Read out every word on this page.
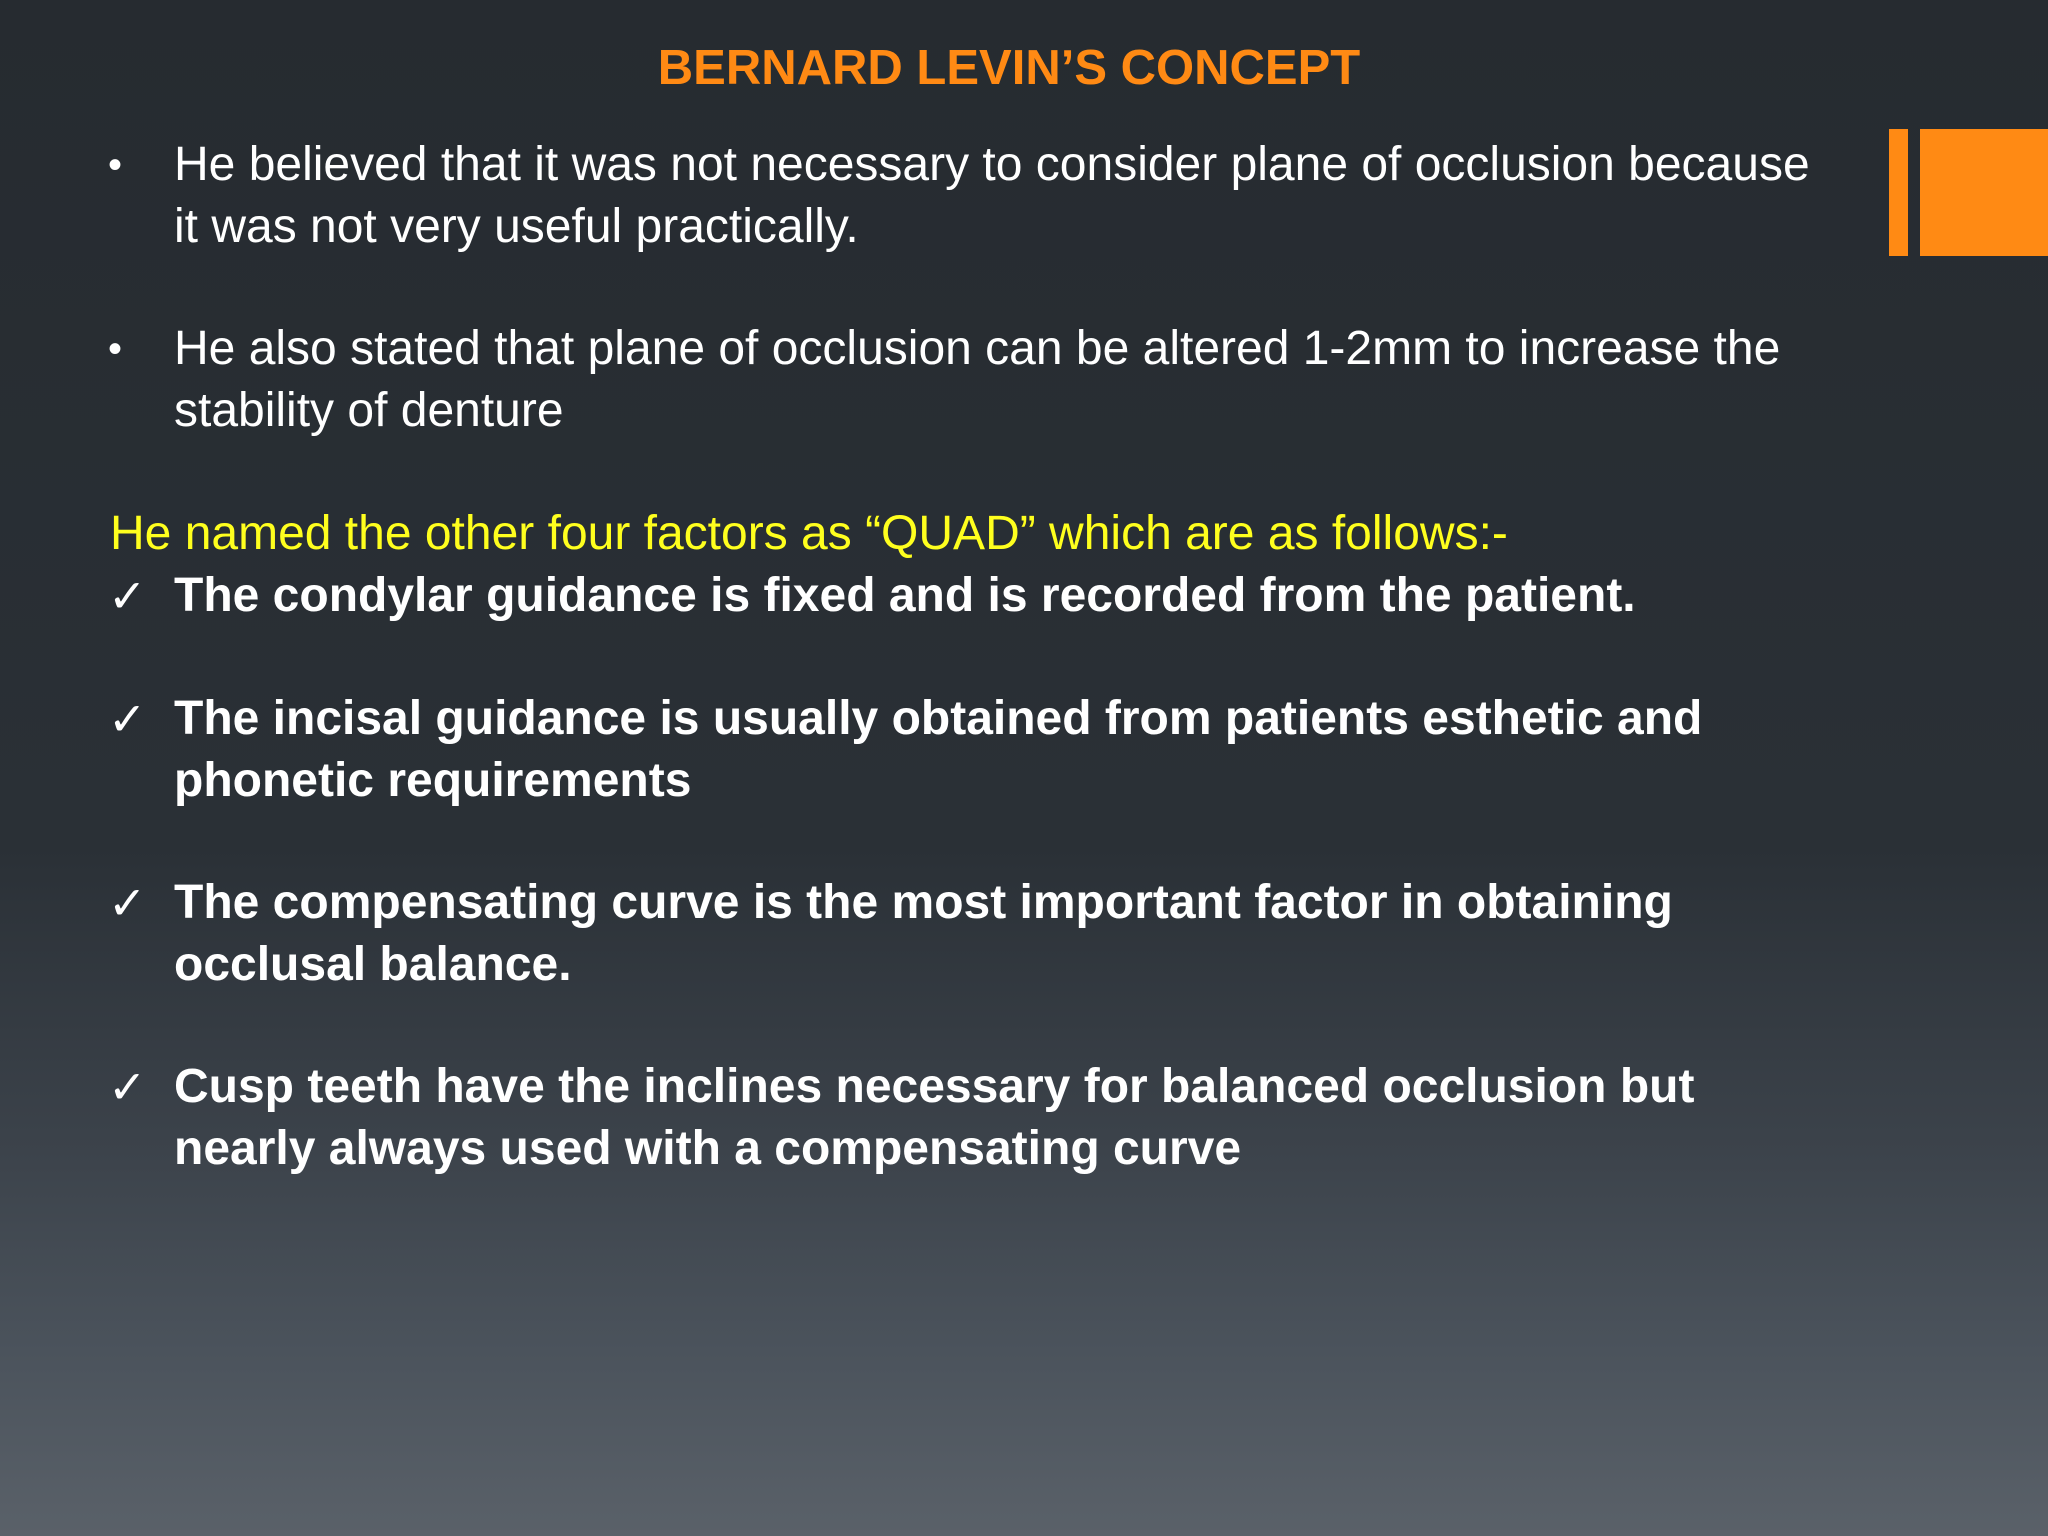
BERNARD LEVIN’S CONCEPT
• He believed that it was not necessary to consider plane of occlusion because it was not very useful practically.
• He also stated that plane of occlusion can be altered 1-2mm to increase the stability of denture
He named the other four factors as “QUAD” which are as follows:-
✓ The condylar guidance is fixed and is recorded from the patient.
✓ The incisal guidance is usually obtained from patients esthetic and phonetic requirements
✓ The compensating curve is the most important factor in obtaining occlusal balance.
✓ Cusp teeth have the inclines necessary for balanced occlusion but nearly always used with a compensating curve
